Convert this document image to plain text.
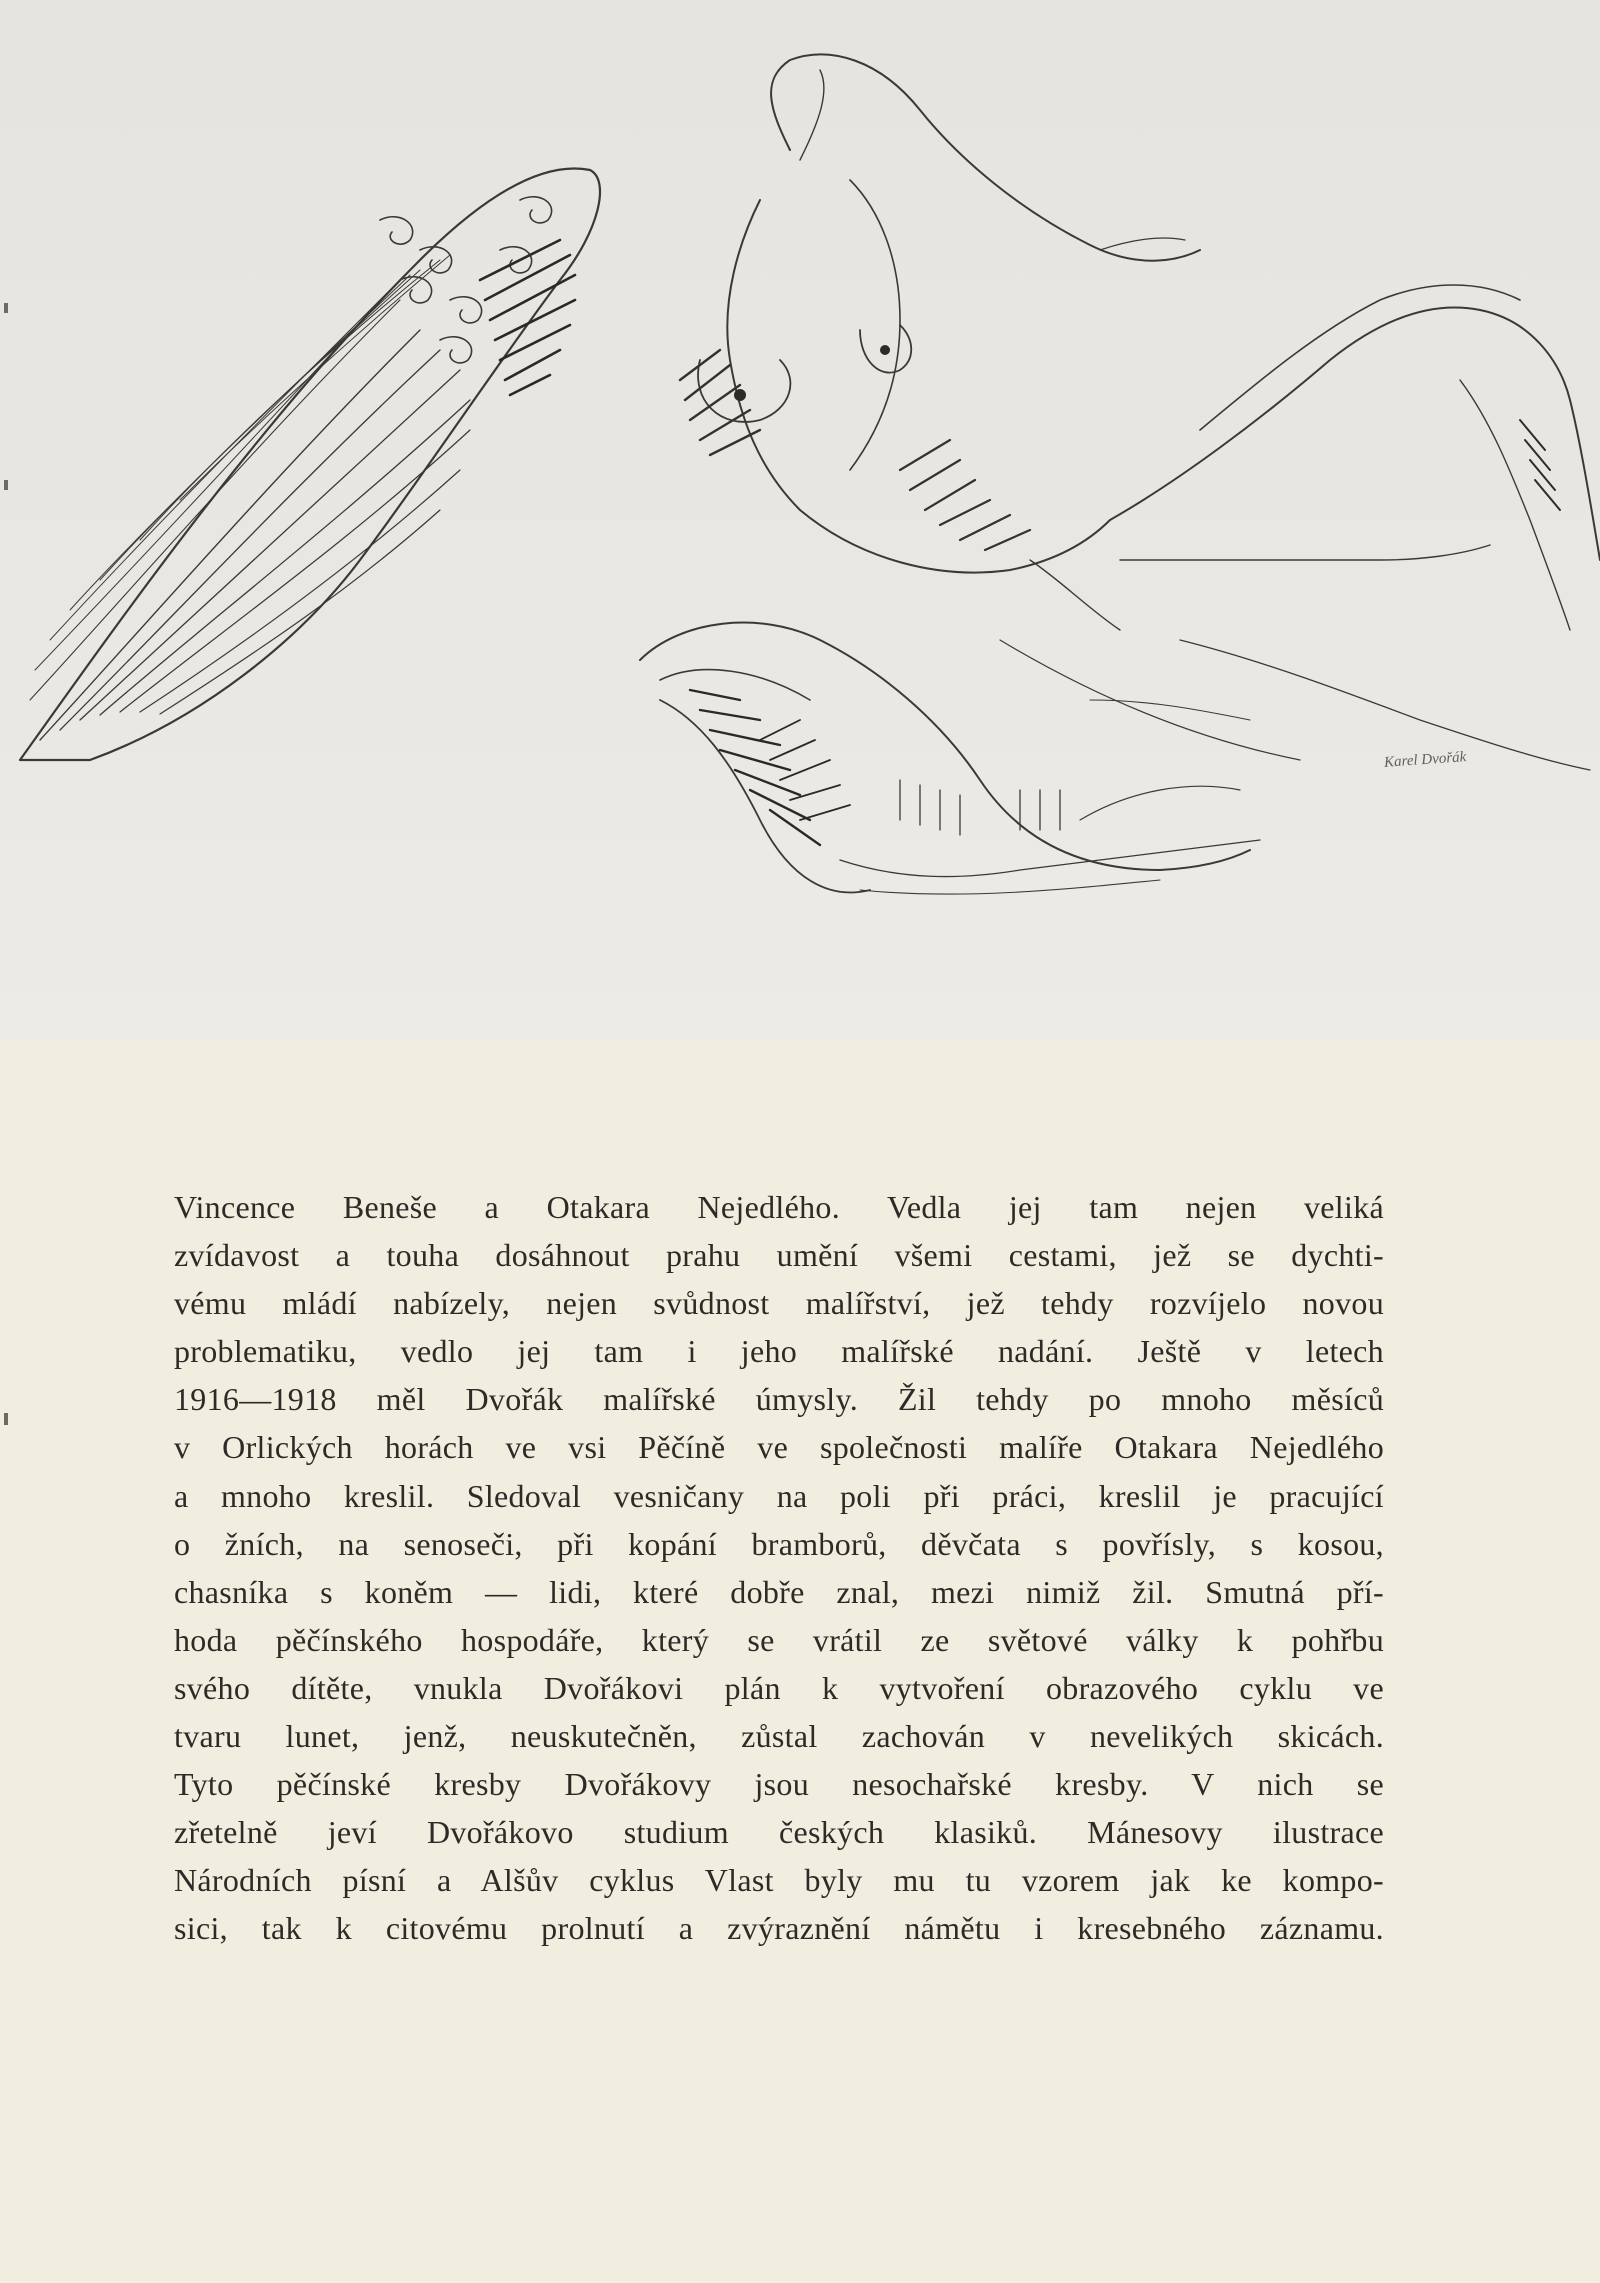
Karel Dvořák
Vincence Beneše a Otakara Nejedlého. Vedla jej tam nejen veliká
zvídavost a touha dosáhnout prahu umění všemi cestami, jež se dychti-
vému mládí nabízely, nejen svůdnost malířství, jež tehdy rozvíjelo novou
problematiku, vedlo jej tam i jeho malířské nadání. Ještě v letech
1916—1918 měl Dvořák malířské úmysly. Žil tehdy po mnoho měsíců
v Orlických horách ve vsi Pěčíně ve společnosti malíře Otakara Nejedlého
a mnoho kreslil. Sledoval vesničany na poli při práci, kreslil je pracující
o žních, na senoseči, při kopání bramborů, děvčata s povřísly, s kosou,
chasníka s koněm — lidi, které dobře znal, mezi nimiž žil. Smutná pří-
hoda pěčínského hospodáře, který se vrátil ze světové války k pohřbu
svého dítěte, vnukla Dvořákovi plán k vytvoření obrazového cyklu ve
tvaru lunet, jenž, neuskutečněn, zůstal zachován v nevelikých skicách.
Tyto pěčínské kresby Dvořákovy jsou nesochařské kresby. V nich se
zřetelně jeví Dvořákovo studium českých klasiků. Mánesovy ilustrace
Národních písní a Alšův cyklus Vlast byly mu tu vzorem jak ke kompo-
sici, tak k citovému prolnutí a zvýraznění námětu i kresebného záznamu.
